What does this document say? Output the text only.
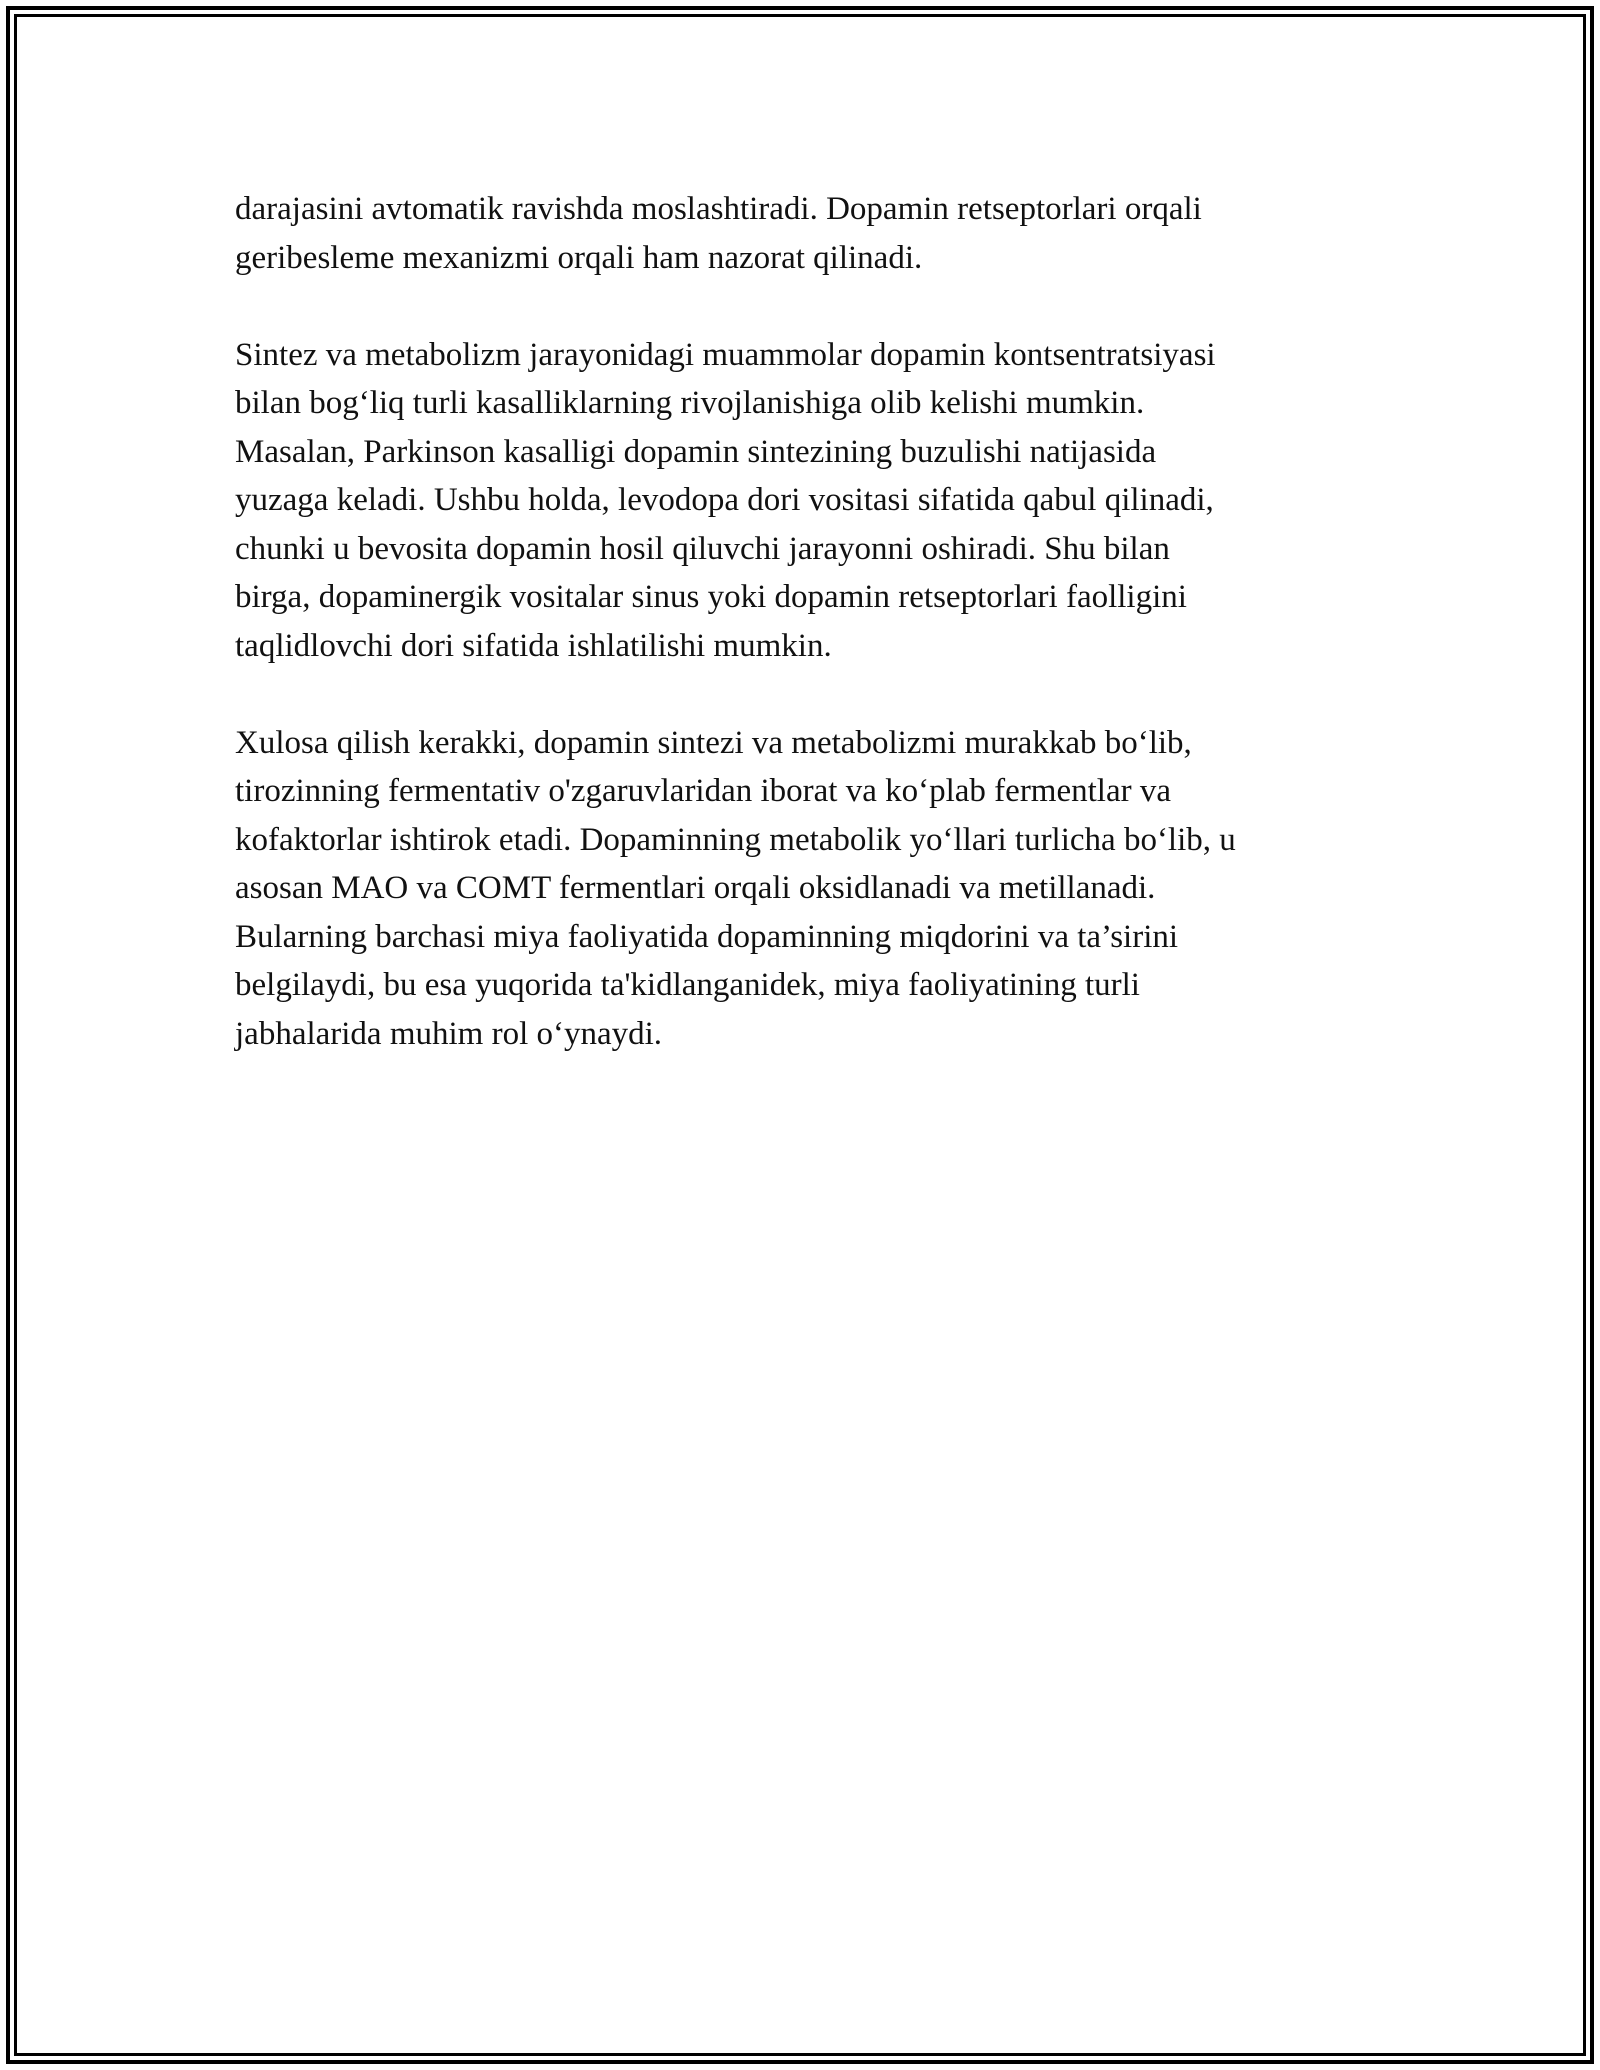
darajasini avtomatik ravishda moslashtiradi. Dopamin retseptorlari orqali
geribesleme mexanizmi orqali ham nazorat qilinadi.

Sintez va metabolizm jarayonidagi muammolar dopamin kontsentratsiyasi
bilan bog‘liq turli kasalliklarning rivojlanishiga olib kelishi mumkin.
Masalan, Parkinson kasalligi dopamin sintezining buzulishi natijasida
yuzaga keladi. Ushbu holda, levodopa dori vositasi sifatida qabul qilinadi,
chunki u bevosita dopamin hosil qiluvchi jarayonni oshiradi. Shu bilan
birga, dopaminergik vositalar sinus yoki dopamin retseptorlari faolligini
taqlidlovchi dori sifatida ishlatilishi mumkin.

Xulosa qilish kerakki, dopamin sintezi va metabolizmi murakkab bo‘lib,
tirozinning fermentativ o'zgaruvlaridan iborat va ko‘plab fermentlar va
kofaktorlar ishtirok etadi. Dopaminning metabolik yo‘llari turlicha bo‘lib, u
asosan MAO va COMT fermentlari orqali oksidlanadi va metillanadi.
Bularning barchasi miya faoliyatida dopaminning miqdorini va ta’sirini
belgilaydi, bu esa yuqorida ta'kidlanganidek, miya faoliyatining turli
jabhalarida muhim rol o‘ynaydi.
